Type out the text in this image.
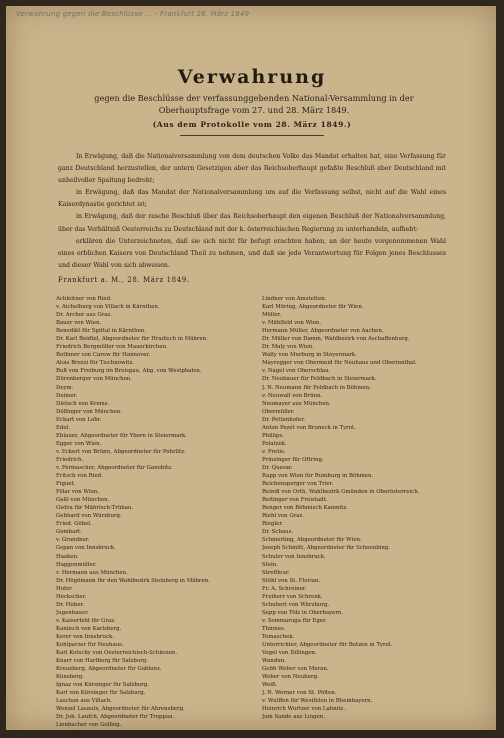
Verwahrung gegen die Beschlüsse ... - Frankfurt 28. März 1849
Verwahrung
gegen die Beschlüsse der verfassunggebenden National-Versammlung in der Oberhauptsfrage vom 27. und 28. März 1849.
(Aus dem Protokolle vom 28. März 1849.)

In Erwägung, daß die Nationalversammlung von dem deutschen Volke das Mandat erhalten hat, eine Verfassung für ganz Deutschland herzustellen, der untern Gesetzigen aber das Reichsoberhaupt gefaßte Beschluß aber Deutschland mit unheilvoller Spaltung bedroht;

in Erwägung, daß das Mandat der Nationalversammlung um auf die Verfassung selbst, nicht auf die Wahl eines Kaiserdynastie gerichtet ist;

in Erwägung, daß der rasche Beschluß über das Reichsoberhaupt den eigenen Beschluß der Nationalversammlung, über das Verhältniß Oesterreichs zu Deutschland mit der k. österreichischen Regierung zu unterhandeln, aufhebt:

erklären die Unterzeichneten, daß sie sich nicht für befugt erachten haben, an der heute vorgenommenen Wahl eines erblichen Kaisers von Deutschland Theil zu nehmen, und daß sie jede Verantwortung für Folgen jenes Beschlusses und dieser Wahl von sich abweisen.

Frankfurt a. M., 28. März 1849.
Achleitner von Ried.
v. Aichelburg von Villach in Kärnthen.
Dr. Archer aus Graz.
Bauer von Wien.
Benedikt für Spittal in Kärnthen.
Dr. Karl Beidtel, Abgeordneter für Hradisch in Mähren.
Friedrich Bergmüller von Mauerkirchen.
Bothmer von Carow für Hannover.
Alois Brezzi für Tischnowitz.
Buß von Freiburg im Breisgau, Abg. von Westphalen.
Dürenberger von München.
Deym.
Deimer.
Dietsch von Krems.
Döllinger von München.
Eckart von Lohr.
Edel.
Eblauer, Abgeordneter für Ybern in Steiermark.
Egger von Wien.
v. Eckert von Brünn, Abgeordneter für Pohrlitz.
Friedrich.
v. Fermascher, Abgeordneter für Ganobitz.
Fritsch von Ried.
Figuet.
Fölar von Wien.
Gaßl von München.
Gistra für Mährisch-Trübau.
Gebhard von Würzburg.
Fried. Göbel.
Gombart.
v. Grundner.
Gspan von Innsbruck.
Haaken.
Haggenmüller.
v. Hermann aus München.
Dr. Högömann für den Wahlbezirk Steinberg in Mähren.
Hofer.
Heckscher.
Dr. Huber.
Jugenbauer.
v. Kaiserfeld für Graz.
Kaniisch von Karlsberg.
Kerer von Innsbruck.
Kohlparzer für Neuhaus.
Karl Kotschy von Oesterreichisch-Schlesien.
Knarr von Hartberg für Salzburg.
Kreuzberg, Abgeordneter für Gablonz.
Künsberg.
Ignaz von Kürsinger für Salzburg.
Karl von Kürsinger für Salzburg.
Laschan aus Villach.
Wenzel Lasaulx, Abgeordneter für Ahrensberg.
Dr. Joh. Laufch, Abgeordneter für Troppau.
Lienbacher von Golling.
Dr. v. Linde.
Lindner von Amstetten.
Karl Möring, Abgeordneter für Wien.
Möller.
v. Mühlfeld von Wien.
Hermann Müller, Abgeordneter von Aachen.
Dr. Müller von Damm, Wahlbezirk von Aschaffenburg.
Dr. Maly von Wien.
Wally von Murburg in Steyermark.
Mayregger von Obermeid für Neuhaus und Oberinnthal.
v. Nagel von Oberschlau.
Dr. Neubauer für Feldbach in Steiermark.
J. N. Neumann für Feldbach in Böhmen.
v. Neuwall von Brünn.
Neumayer aus München.
Obermüller.
Dr. Pettenhofer.
Anton Pezet von Bruneck in Tyrol.
Phillips.
Polatzek.
v. Pretis.
Prinzinger für Oftring.
Dr. Quesar.
Rapp von Wien für Rumburg in Böhmen.
Reichensperger von Trier.
Reindl von Orth, Wahlbezirk Gmünden in Oberösterreich.
Reitinger von Freistadt.
Renger von Böhmisch Kamnitz.
Riehl von Graz.
Riegler.
Dr. Schaus.
Schmerling, Abgeordneter für Wien.
Joseph Schmitt, Abgeordneter für Schoenbing.
Schuler von Innsbruck.
Stein.
Streffleur.
Stöhl von St. Florian.
Fr. A. Schreiner.
Freiherr von Schrenk.
Schubert von Würzburg.
Sepp von Tölz in Oberbayern.
v. Sommaruga für Eger.
Thinnes.
Tomaschek.
Unterrichter, Abgeordneter für Botzen in Tyrol.
Vogel von Dillingen.
Wandun.
Gebh Weber von Meran.
Weber von Neuburg.
Weiß.
J. N. Werner von St. Pölten.
v. Wulffen für Westfelen in Rheinbayern.
Heinrich Wurtzer von Lahnitz.
Jum Sande aus Lingen.
